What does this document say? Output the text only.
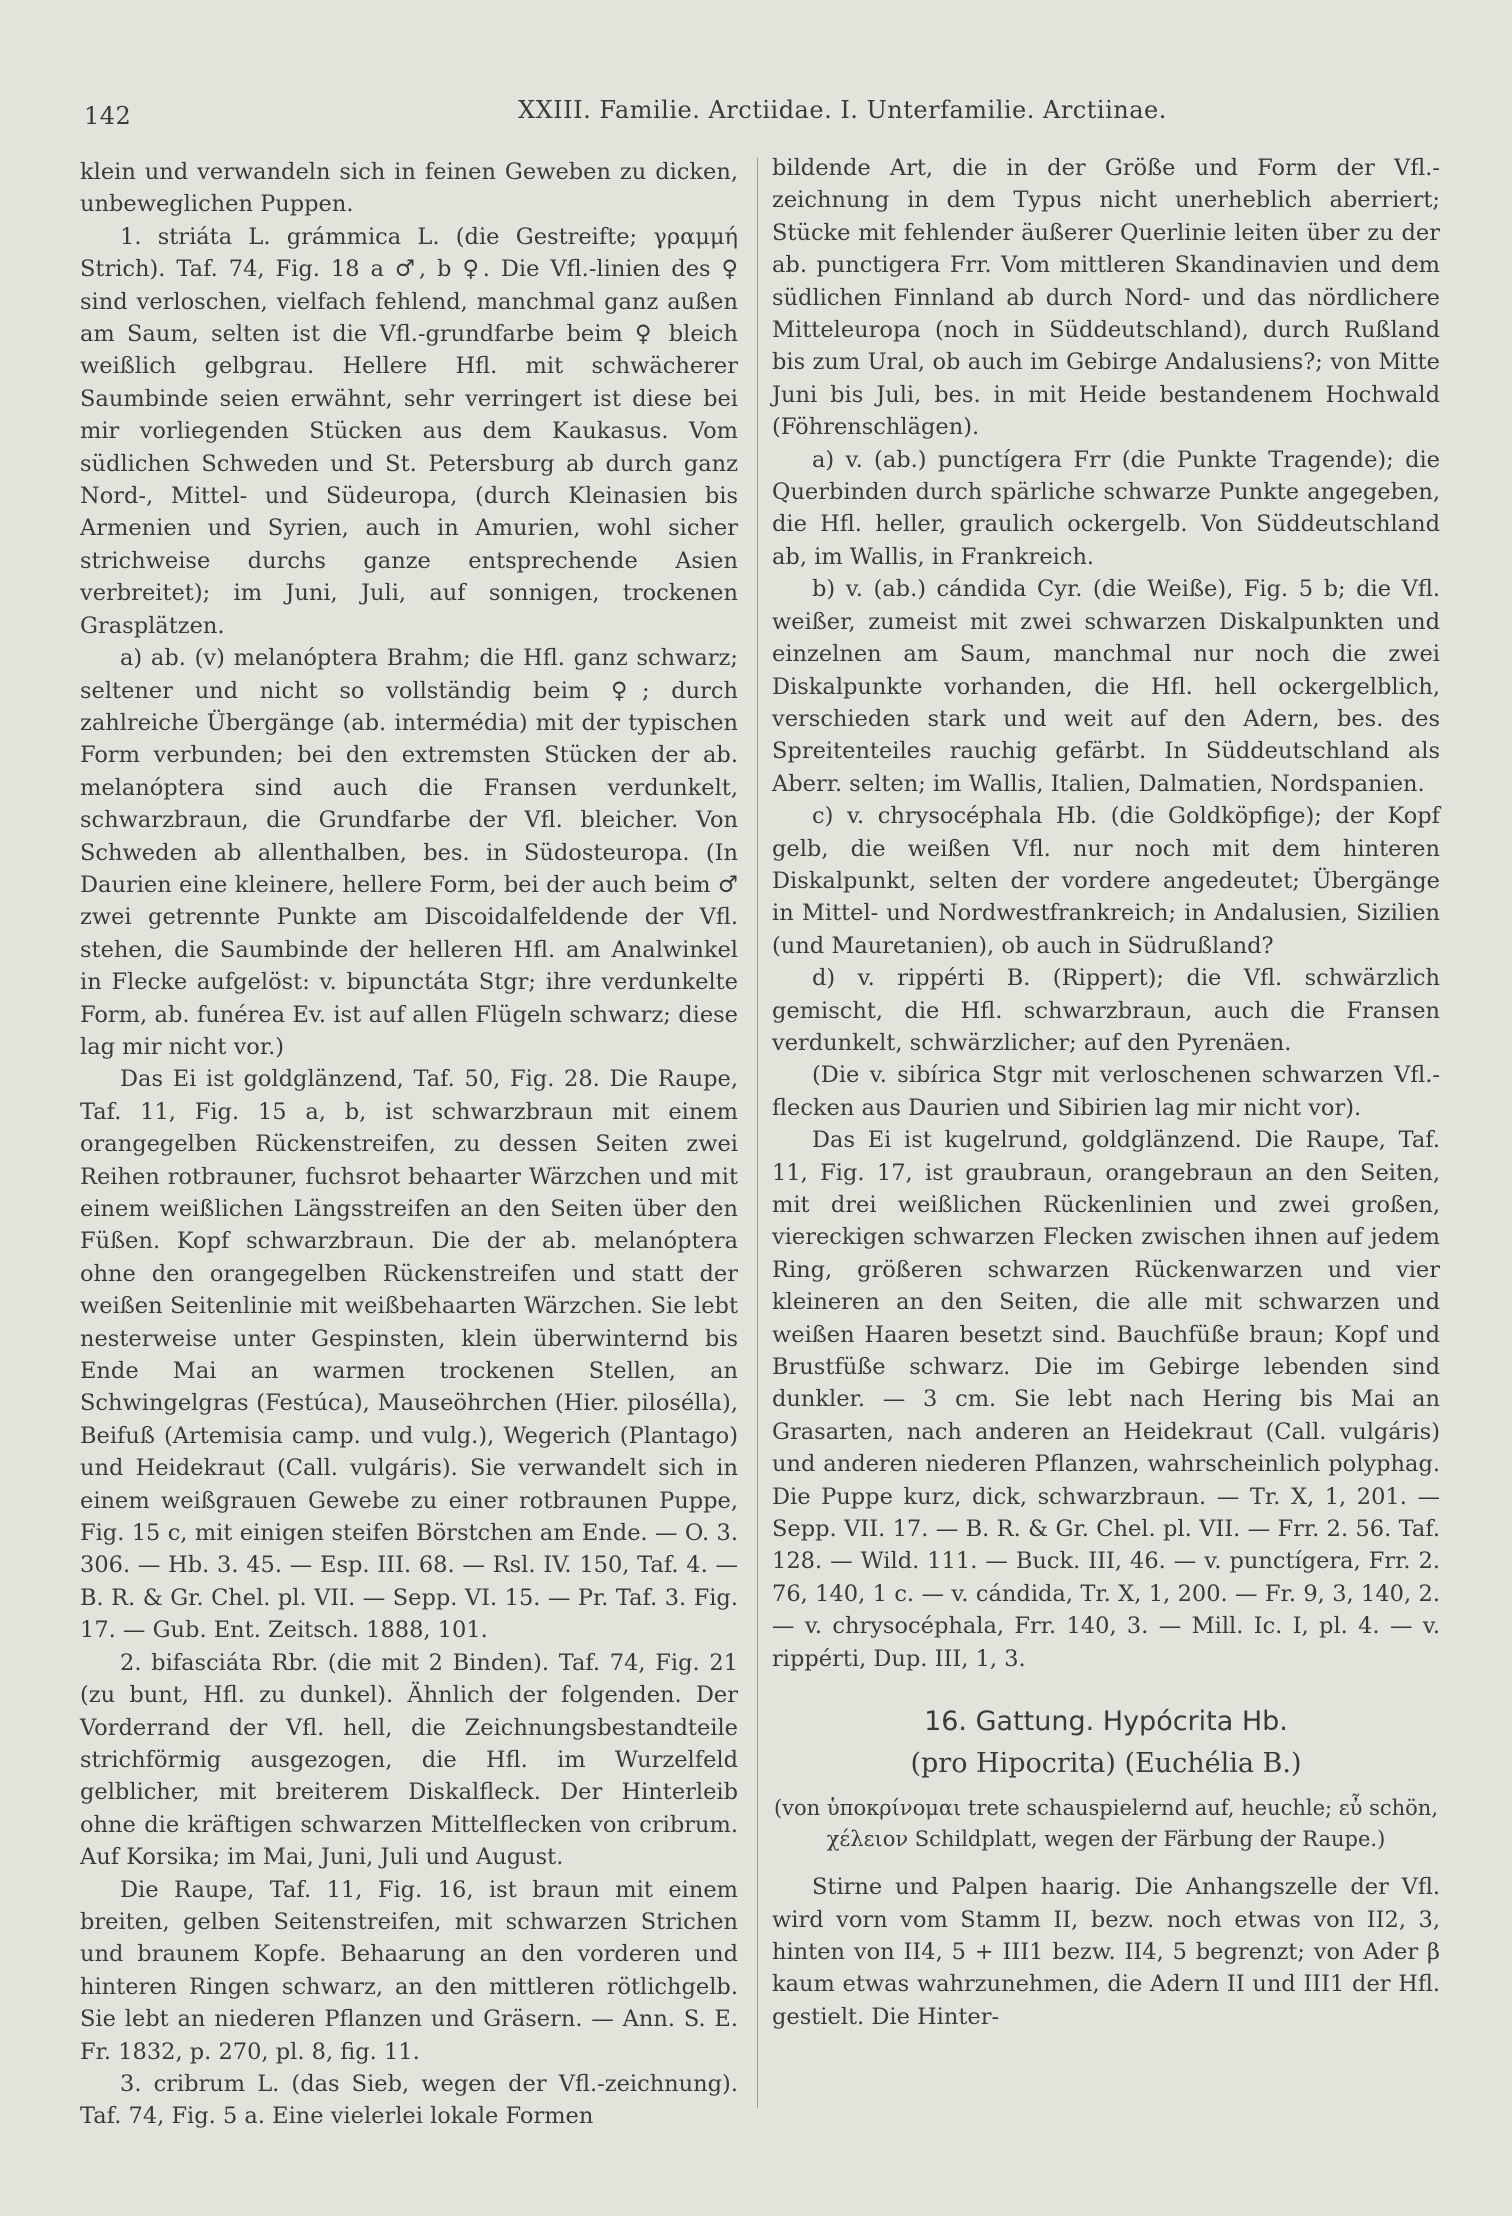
142	XXIII. Familie. Arctiidae. I. Unterfamilie. Arctiinae.

klein und verwandeln sich in feinen Geweben zu dicken, unbeweglichen Puppen.

1. striáta L. grámmica L. (die Gestreifte; γραμμή Strich). Taf. 74, Fig. 18 a ♂, b ♀. Die Vfl.-linien des ♀ sind verloschen, vielfach fehlend, manchmal ganz außen am Saum, selten ist die Vfl.-grundfarbe beim ♀ bleich weißlich gelbgrau. Hellere Hfl. mit schwächerer Saumbinde seien erwähnt, sehr verringert ist diese bei mir vorliegenden Stücken aus dem Kaukasus. Vom südlichen Schweden und St. Petersburg ab durch ganz Nord-, Mittel- und Südeuropa, (durch Kleinasien bis Armenien und Syrien, auch in Amurien, wohl sicher strichweise durchs ganze entsprechende Asien verbreitet); im Juni, Juli, auf sonnigen, trockenen Grasplätzen.

a) ab. (v) melanóptera Brahm; die Hfl. ganz schwarz; seltener und nicht so vollständig beim ♀; durch zahlreiche Übergänge (ab. intermédia) mit der typischen Form verbunden; bei den extremsten Stücken der ab. melanóptera sind auch die Fransen verdunkelt, schwarzbraun, die Grundfarbe der Vfl. bleicher. Von Schweden ab allenthalben, bes. in Südosteuropa. (In Daurien eine kleinere, hellere Form, bei der auch beim ♂ zwei getrennte Punkte am Discoidalfeldende der Vfl. stehen, die Saumbinde der helleren Hfl. am Analwinkel in Flecke aufgelöst: v. bipunctáta Stgr; ihre verdunkelte Form, ab. funérea Ev. ist auf allen Flügeln schwarz; diese lag mir nicht vor.)

Das Ei ist goldglänzend, Taf. 50, Fig. 28. Die Raupe, Taf. 11, Fig. 15 a, b, ist schwarzbraun mit einem orangegelben Rückenstreifen, zu dessen Seiten zwei Reihen rotbrauner, fuchsrot behaarter Wärzchen und mit einem weißlichen Längsstreifen an den Seiten über den Füßen. Kopf schwarzbraun. Die der ab. melanóptera ohne den orangegelben Rückenstreifen und statt der weißen Seitenlinie mit weißbehaarten Wärzchen. Sie lebt nesterweise unter Gespinsten, klein überwinternd bis Ende Mai an warmen trockenen Stellen, an Schwingelgras (Festúca), Mauseöhrchen (Hier. pilosélla), Beifuß (Artemisia camp. und vulg.), Wegerich (Plantago) und Heidekraut (Call. vulgáris). Sie verwandelt sich in einem weißgrauen Gewebe zu einer rotbraunen Puppe, Fig. 15 c, mit einigen steifen Börstchen am Ende. — O. 3. 306. — Hb. 3. 45. — Esp. III. 68. — Rsl. IV. 150, Taf. 4. — B. R. & Gr. Chel. pl. VII. — Sepp. VI. 15. — Pr. Taf. 3. Fig. 17. — Gub. Ent. Zeitsch. 1888, 101.

2. bifasciáta Rbr. (die mit 2 Binden). Taf. 74, Fig. 21 (zu bunt, Hfl. zu dunkel). Ähnlich der folgenden. Der Vorderrand der Vfl. hell, die Zeichnungsbestandteile strichförmig ausgezogen, die Hfl. im Wurzelfeld gelblicher, mit breiterem Diskalfleck. Der Hinterleib ohne die kräftigen schwarzen Mittelflecken von cribrum. Auf Korsika; im Mai, Juni, Juli und August.

Die Raupe, Taf. 11, Fig. 16, ist braun mit einem breiten, gelben Seitenstreifen, mit schwarzen Strichen und braunem Kopfe. Behaarung an den vorderen und hinteren Ringen schwarz, an den mittleren rötlichgelb. Sie lebt an niederen Pflanzen und Gräsern. — Ann. S. E. Fr. 1832, p. 270, pl. 8, fig. 11.

3. cribrum L. (das Sieb, wegen der Vfl.-zeichnung). Taf. 74, Fig. 5 a. Eine vielerlei lokale Formen

bildende Art, die in der Größe und Form der Vfl.-zeichnung in dem Typus nicht unerheblich aberriert; Stücke mit fehlender äußerer Querlinie leiten über zu der ab. punctigera Frr. Vom mittleren Skandinavien und dem südlichen Finnland ab durch Nord- und das nördlichere Mitteleuropa (noch in Süddeutschland), durch Rußland bis zum Ural, ob auch im Gebirge Andalusiens?; von Mitte Juni bis Juli, bes. in mit Heide bestandenem Hochwald (Föhrenschlägen).

a) v. (ab.) punctígera Frr (die Punkte Tragende); die Querbinden durch spärliche schwarze Punkte angegeben, die Hfl. heller, graulich ockergelb. Von Süddeutschland ab, im Wallis, in Frankreich.

b) v. (ab.) cándida Cyr. (die Weiße), Fig. 5 b; die Vfl. weißer, zumeist mit zwei schwarzen Diskalpunkten und einzelnen am Saum, manchmal nur noch die zwei Diskalpunkte vorhanden, die Hfl. hell ockergelblich, verschieden stark und weit auf den Adern, bes. des Spreitenteiles rauchig gefärbt. In Süddeutschland als Aberr. selten; im Wallis, Italien, Dalmatien, Nordspanien.

c) v. chrysocéphala Hb. (die Goldköpfige); der Kopf gelb, die weißen Vfl. nur noch mit dem hinteren Diskalpunkt, selten der vordere angedeutet; Übergänge in Mittel- und Nordwestfrankreich; in Andalusien, Sizilien (und Mauretanien), ob auch in Südrußland?

d) v. rippérti B. (Rippert); die Vfl. schwärzlich gemischt, die Hfl. schwarzbraun, auch die Fransen verdunkelt, schwärzlicher; auf den Pyrenäen.

(Die v. sibírica Stgr mit verloschenen schwarzen Vfl.-flecken aus Daurien und Sibirien lag mir nicht vor).

Das Ei ist kugelrund, goldglänzend. Die Raupe, Taf. 11, Fig. 17, ist graubraun, orangebraun an den Seiten, mit drei weißlichen Rückenlinien und zwei großen, viereckigen schwarzen Flecken zwischen ihnen auf jedem Ring, größeren schwarzen Rückenwarzen und vier kleineren an den Seiten, die alle mit schwarzen und weißen Haaren besetzt sind. Bauchfüße braun; Kopf und Brustfüße schwarz. Die im Gebirge lebenden sind dunkler. — 3 cm. Sie lebt nach Hering bis Mai an Grasarten, nach anderen an Heidekraut (Call. vulgáris) und anderen niederen Pflanzen, wahrscheinlich polyphag. Die Puppe kurz, dick, schwarzbraun. — Tr. X, 1, 201. — Sepp. VII. 17. — B. R. & Gr. Chel. pl. VII. — Frr. 2. 56. Taf. 128. — Wild. 111. — Buck. III, 46. — v. punctígera, Frr. 2. 76, 140, 1 c. — v. cándida, Tr. X, 1, 200. — Fr. 9, 3, 140, 2. — v. chrysocéphala, Frr. 140, 3. — Mill. Ic. I, pl. 4. — v. rippérti, Dup. III, 1, 3.

16. Gattung. Hypócrita Hb.

(pro Hipocrita) (Euchélia B.)

(von ὑποκρίνομαι trete schauspielernd auf, heuchle; εὖ schön, χέλειον Schildplatt, wegen der Färbung der Raupe.)

Stirne und Palpen haarig. Die Anhangszelle der Vfl. wird vorn vom Stamm II, bezw. noch etwas von II2, 3, hinten von II4, 5 + III1 bezw. II4, 5 begrenzt; von Ader β kaum etwas wahrzunehmen, die Adern II und III1 der Hfl. gestielt. Die Hinter-
